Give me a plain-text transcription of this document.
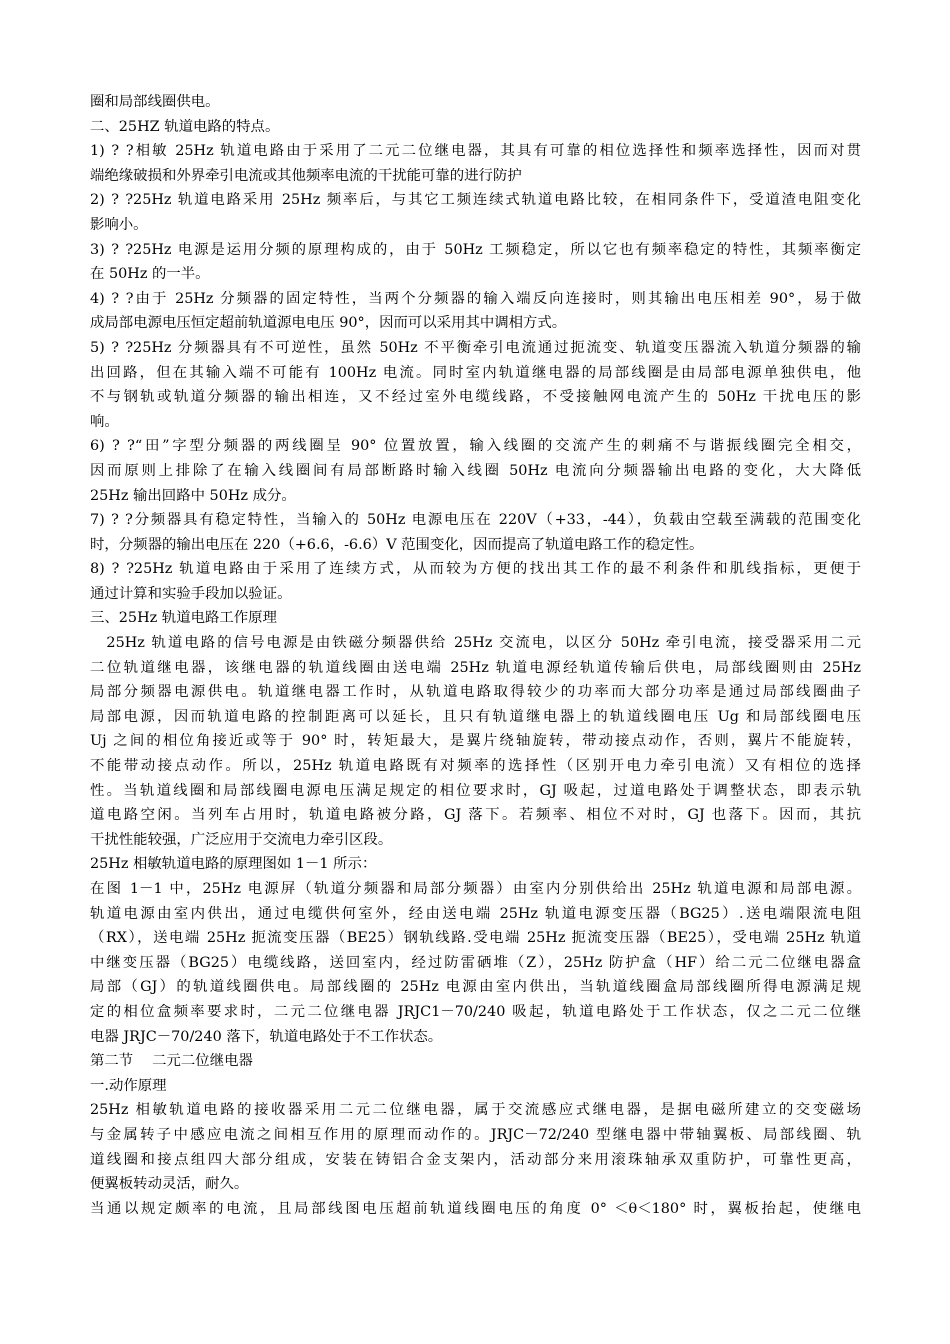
圈和局部线圈供电。
二、25HZ 轨道电路的特点。
1) ? ?相敏 25Hz 轨道电路由于采用了二元二位继电器，其具有可靠的相位选择性和频率选择性，因而对贯
端绝缘破损和外界牵引电流或其他频率电流的干扰能可靠的进行防护
2) ? ?25Hz 轨道电路采用 25Hz 频率后，与其它工频连续式轨道电路比较，在相同条件下，受道渣电阻变化
影响小。
3) ? ?25Hz 电源是运用分频的原理构成的，由于 50Hz 工频稳定，所以它也有频率稳定的特性，其频率衡定
在 50Hz 的一半。
4) ? ?由于 25Hz 分频器的固定特性，当两个分频器的输入端反向连接时，则其输出电压相差 90°，易于做
成局部电源电压恒定超前轨道源电电压 90°，因而可以采用其中调相方式。
5) ? ?25Hz 分频器具有不可逆性，虽然 50Hz 不平衡牵引电流通过扼流变、轨道变压器流入轨道分频器的输
出回路，但在其输入端不可能有 100Hz 电流。同时室内轨道继电器的局部线圈是由局部电源单独供电，他
不与钢轨或轨道分频器的输出相连，又不经过室外电缆线路，不受接触网电流产生的 50Hz 干扰电压的影
响。
6) ? ?“田”字型分频器的两线圈呈 90° 位置放置，输入线圈的交流产生的刺痛不与谐振线圈完全相交，
因而原则上排除了在输入线圈间有局部断路时输入线圈 50Hz 电流向分频器输出电路的变化，大大降低
25Hz 输出回路中 50Hz 成分。
7) ? ?分频器具有稳定特性，当输入的 50Hz 电源电压在 220V（+33，-44），负载由空载至满载的范围变化
时，分频器的输出电压在 220（+6.6，-6.6）V 范围变化，因而提高了轨道电路工作的稳定性。
8) ? ?25Hz 轨道电路由于采用了连续方式，从而较为方便的找出其工作的最不利条件和肌线指标，更便于
通过计算和实验手段加以验证。
三、25Hz 轨道电路工作原理
　25Hz 轨道电路的信号电源是由铁磁分频器供给 25Hz 交流电，以区分 50Hz 牵引电流，接受器采用二元
二位轨道继电器，该继电器的轨道线圈由送电端 25Hz 轨道电源经轨道传输后供电，局部线圈则由 25Hz
局部分频器电源供电。轨道继电器工作时，从轨道电路取得较少的功率而大部分功率是通过局部线圈曲子
局部电源，因而轨道电路的控制距离可以延长，且只有轨道继电器上的轨道线圈电压 Ug 和局部线圈电压
Uj 之间的相位角接近或等于 90° 时，转矩最大，是翼片绕轴旋转，带动接点动作，否则，翼片不能旋转，
不能带动接点动作。所以，25Hz 轨道电路既有对频率的选择性（区别开电力牵引电流）又有相位的选择
性。当轨道线圈和局部线圈电源电压满足规定的相位要求时，GJ 吸起，过道电路处于调整状态，即表示轨
道电路空闲。当列车占用时，轨道电路被分路，GJ 落下。若频率、相位不对时，GJ 也落下。因而，其抗
干扰性能较强，广泛应用于交流电力牵引区段。
25Hz 相敏轨道电路的原理图如 1－1 所示：
在图 1－1 中，25Hz 电源屏（轨道分频器和局部分频器）由室内分别供给出 25Hz 轨道电源和局部电源。
轨道电源由室内供出，通过电缆供何室外，经由送电端 25Hz 轨道电源变压器（BG25）.送电端限流电阻
（RX），送电端 25Hz 扼流变压器（BE25）钢轨线路.受电端 25Hz 扼流变压器（BE25），受电端 25Hz 轨道
中继变压器（BG25）电缆线路，送回室内，经过防雷硒堆（Z），25Hz 防护盒（HF）给二元二位继电器盒
局部（GJ）的轨道线圈供电。局部线圈的 25Hz 电源由室内供出，当轨道线圈盒局部线圈所得电源满足规
定的相位盒频率要求时，二元二位继电器 JRJC1－70/240 吸起，轨道电路处于工作状态，仅之二元二位继
电器 JRJC－70/240 落下，轨道电路处于不工作状态。
第二节　 二元二位继电器
一.动作原理
25Hz 相敏轨道电路的接收器采用二元二位继电器，属于交流感应式继电器，是据电磁所建立的交变磁场
与金属转子中感应电流之间相互作用的原理而动作的。JRJC－72/240 型继电器中带轴翼板、局部线圈、轨
道线圈和接点组四大部分组成，安装在铸铝合金支架内，活动部分来用滚珠轴承双重防护，可靠性更高，
便翼板转动灵活，耐久。
当通以规定颇率的电流，且局部线图电压超前轨道线圈电压的角度 0° ＜θ＜180° 时，翼板抬起，使继电
